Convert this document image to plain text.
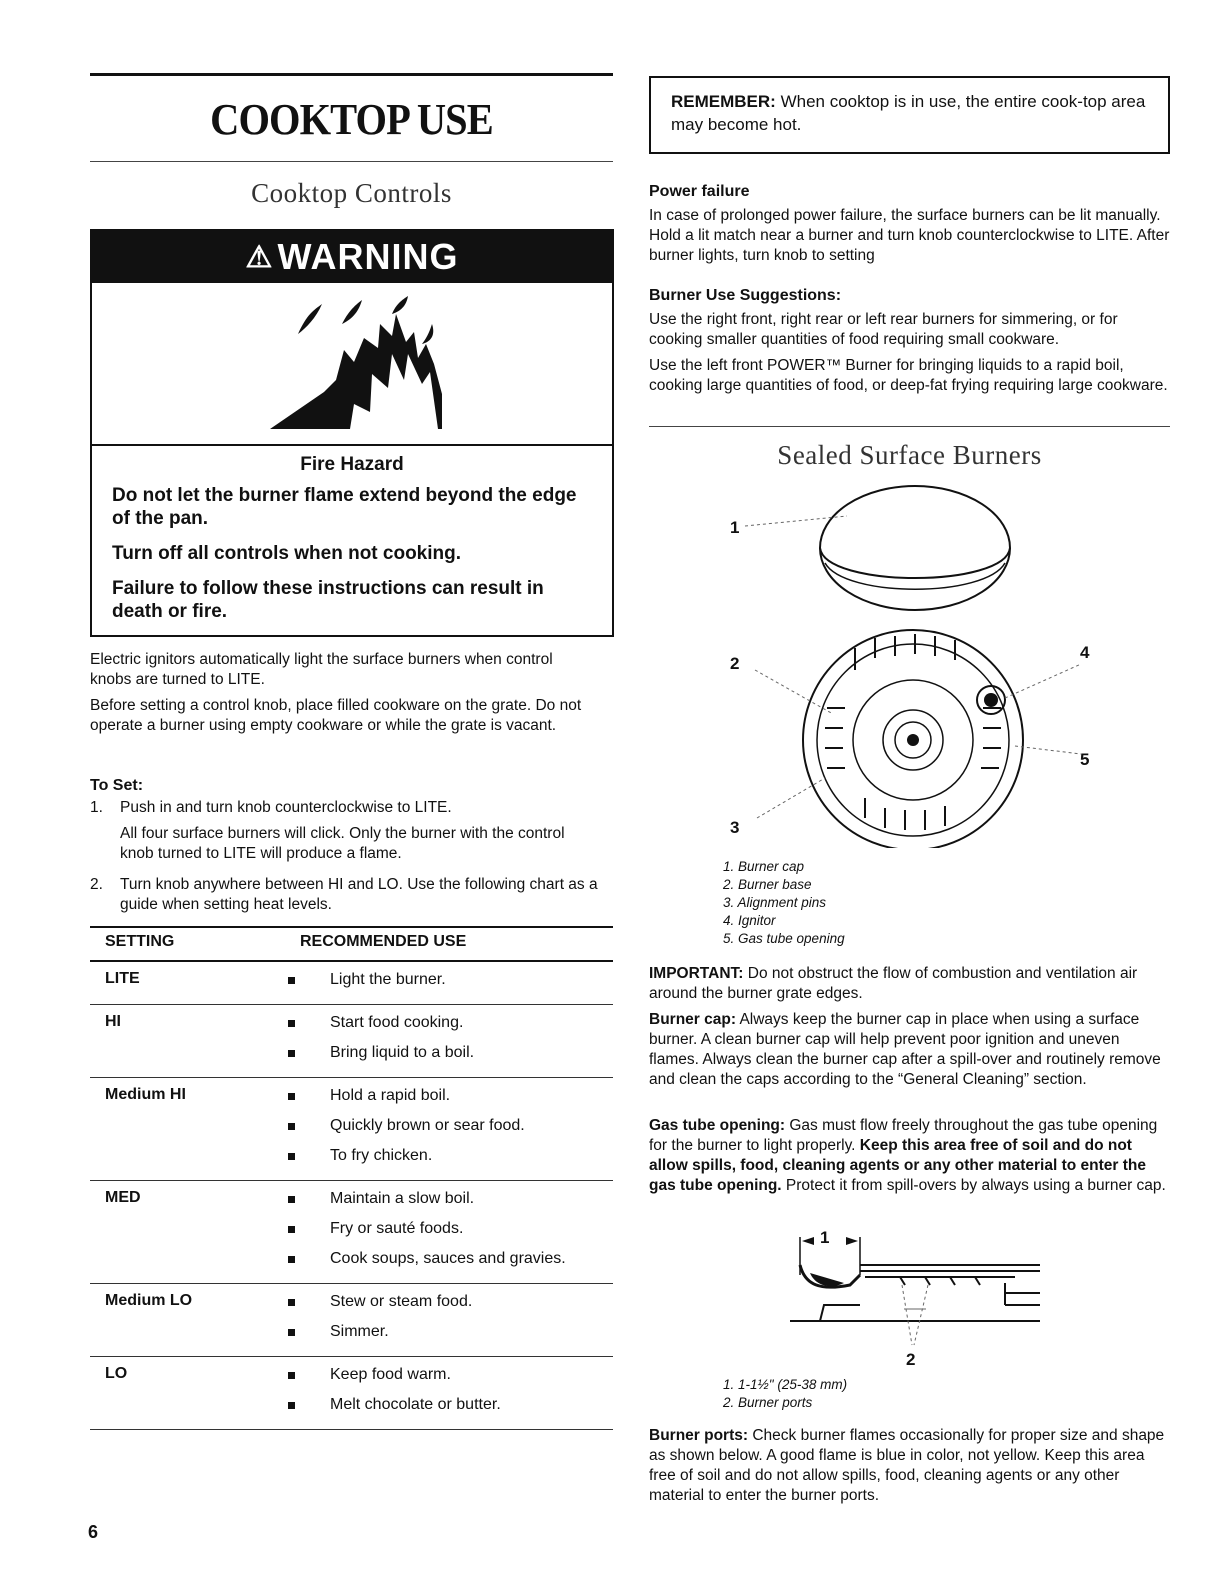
COOKTOP USE
Cooktop Controls
⚠ WARNING
Fire Hazard

Do not let the burner flame extend beyond the edge of the pan.

Turn off all controls when not cooking.

Failure to follow these instructions can result in death or fire.

Electric ignitors automatically light the surface burners when control knobs are turned to LITE.
Before setting a control knob, place filled cookware on the grate. Do not operate a burner using empty cookware or while the grate is vacant.
To Set:
1. Push in and turn knob counterclockwise to LITE.
All four surface burners will click. Only the burner with the control knob turned to LITE will produce a flame.
2. Turn knob anywhere between HI and LO. Use the following chart as a guide when setting heat levels.
SETTING	RECOMMENDED USE
LITE	Light the burner.
HI	Start food cooking.
Bring liquid to a boil.
Medium HI	Hold a rapid boil.
Quickly brown or sear food.
To fry chicken.
MED	Maintain a slow boil.
Fry or sauté foods.
Cook soups, sauces and gravies.
Medium LO	Stew or steam food.
Simmer.
LO	Keep food warm.
Melt chocolate or butter.

REMEMBER: When cooktop is in use, the entire cook-top area may become hot.

Power failure
In case of prolonged power failure, the surface burners can be lit manually. Hold a lit match near a burner and turn knob counterclockwise to LITE. After burner lights, turn knob to setting
Burner Use Suggestions:
Use the right front, right rear or left rear burners for simmering, or for cooking smaller quantities of food requiring small cookware.
Use the left front POWER™ Burner for bringing liquids to a rapid boil, cooking large quantities of food, or deep-fat frying requiring large cookware.
Sealed Surface Burners
1
2
3
4
5
1. Burner cap
2. Burner base
3. Alignment pins
4. Ignitor
5. Gas tube opening
IMPORTANT: Do not obstruct the flow of combustion and ventilation air around the burner grate edges.
Burner cap: Always keep the burner cap in place when using a surface burner. A clean burner cap will help prevent poor ignition and uneven flames. Always clean the burner cap after a spill-over and routinely remove and clean the caps according to the “General Cleaning” section.
Gas tube opening: Gas must flow freely throughout the gas tube opening for the burner to light properly. Keep this area free of soil and do not allow spills, food, cleaning agents or any other material to enter the gas tube opening. Protect it from spill-overs by always using a burner cap.
1
2
1. 1-1½" (25-38 mm)
2. Burner ports
Burner ports: Check burner flames occasionally for proper size and shape as shown below. A good flame is blue in color, not yellow. Keep this area free of soil and do not allow spills, food, cleaning agents or any other material to enter the burner ports.
6
